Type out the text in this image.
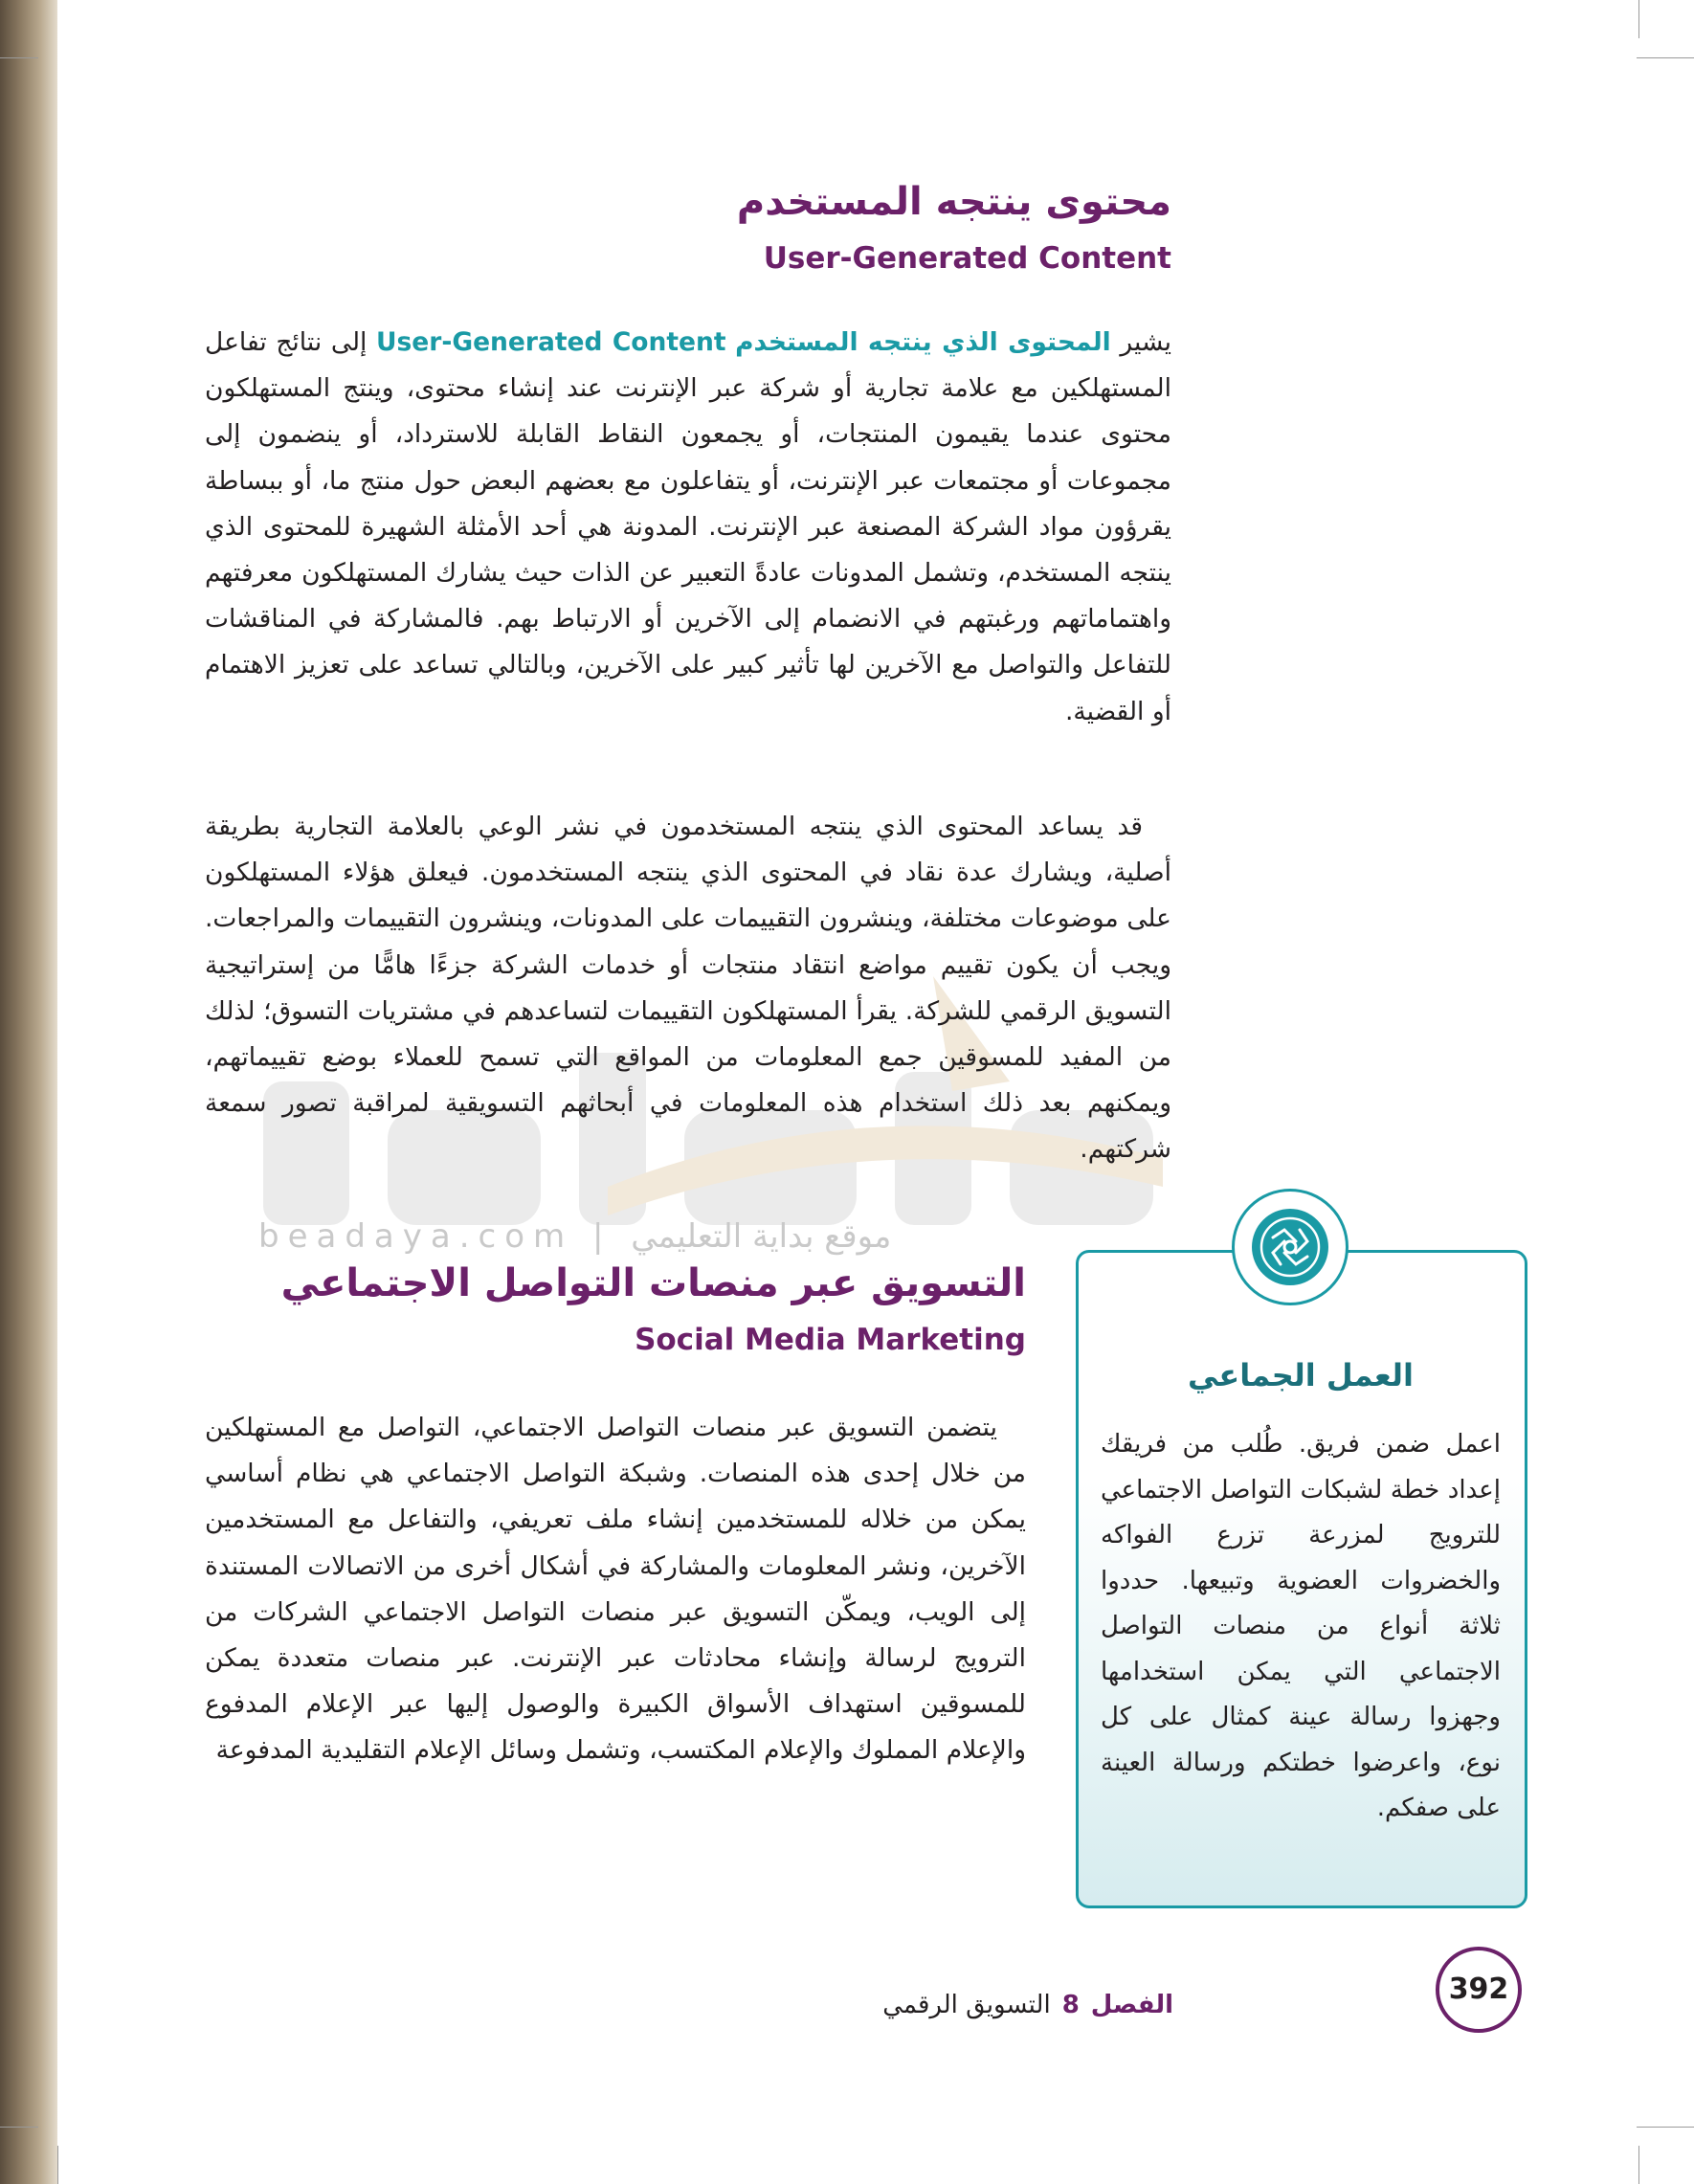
beadaya.com | موقع بداية التعليمي
محتوى ينتجه المستخدم
User-Generated Content

يشير المحتوى الذي ينتجه المستخدم User-Generated Content إلى نتائج تفاعل المستهلكين مع علامة تجارية أو شركة عبر الإنترنت عند إنشاء محتوى، وينتج المستهلكون محتوى عندما يقيمون المنتجات، أو يجمعون النقاط القابلة للاسترداد، أو ينضمون إلى مجموعات أو مجتمعات عبر الإنترنت، أو يتفاعلون مع بعضهم البعض حول منتج ما، أو ببساطة يقرؤون مواد الشركة المصنعة عبر الإنترنت. المدونة هي أحد الأمثلة الشهيرة للمحتوى الذي ينتجه المستخدم، وتشمل المدونات عادةً التعبير عن الذات حيث يشارك المستهلكون معرفتهم واهتماماتهم ورغبتهم في الانضمام إلى الآخرين أو الارتباط بهم. فالمشاركة في المناقشات للتفاعل والتواصل مع الآخرين لها تأثير كبير على الآخرين، وبالتالي تساعد على تعزيز الاهتمام أو القضية.

قد يساعد المحتوى الذي ينتجه المستخدمون في نشر الوعي بالعلامة التجارية بطريقة أصلية، ويشارك عدة نقاد في المحتوى الذي ينتجه المستخدمون. فيعلق هؤلاء المستهلكون على موضوعات مختلفة، وينشرون التقييمات على المدونات، وينشرون التقييمات والمراجعات. ويجب أن يكون تقييم مواضع انتقاد منتجات أو خدمات الشركة جزءًا هامًّا من إستراتيجية التسويق الرقمي للشركة. يقرأ المستهلكون التقييمات لتساعدهم في مشتريات التسوق؛ لذلك من المفيد للمسوقين جمع المعلومات من المواقع التي تسمح للعملاء بوضع تقييماتهم، ويمكنهم بعد ذلك استخدام هذه المعلومات في أبحاثهم التسويقية لمراقبة تصور سمعة شركتهم.

التسويق عبر منصات التواصل الاجتماعي
Social Media Marketing

يتضمن التسويق عبر منصات التواصل الاجتماعي، التواصل مع المستهلكين من خلال إحدى هذه المنصات. وشبكة التواصل الاجتماعي هي نظام أساسي يمكن من خلاله للمستخدمين إنشاء ملف تعريفي، والتفاعل مع المستخدمين الآخرين، ونشر المعلومات والمشاركة في أشكال أخرى من الاتصالات المستندة إلى الويب، ويمكّن التسويق عبر منصات التواصل الاجتماعي الشركات من الترويج لرسالة وإنشاء محادثات عبر الإنترنت. عبر منصات متعددة يمكن للمسوقين استهداف الأسواق الكبيرة والوصول إليها عبر الإعلام المدفوع والإعلام المملوك والإعلام المكتسب، وتشمل وسائل الإعلام التقليدية المدفوعة

العمل الجماعي

اعمل ضمن فريق. طُلب من فريقك إعداد خطة لشبكات التواصل الاجتماعي للترويج لمزرعة تزرع الفواكه والخضروات العضوية وتبيعها. حددوا ثلاثة أنواع من منصات التواصل الاجتماعي التي يمكن استخدامها وجهزوا رسالة عينة كمثال على كل نوع، واعرضوا خطتكم ورسالة العينة على صفكم.

الفصل8التسويق الرقمي	392
